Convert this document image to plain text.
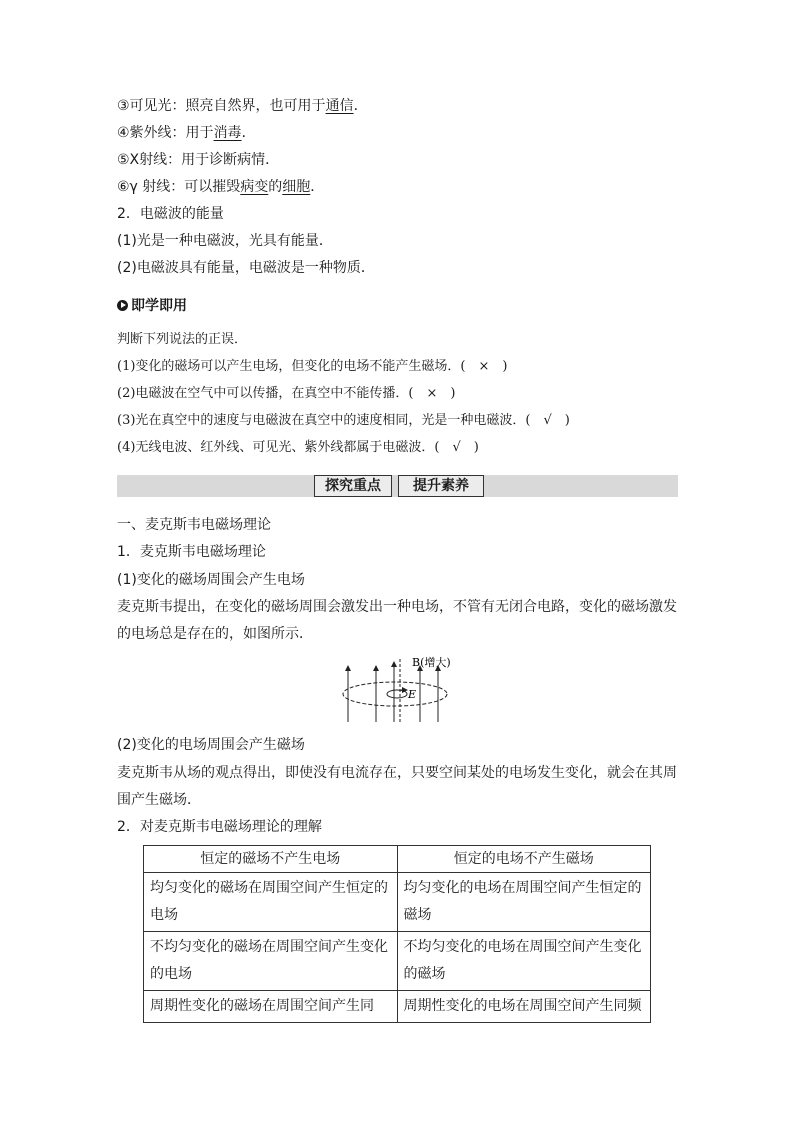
③可见光：照亮自然界，也可用于通信．
④紫外线：用于消毒．
⑤X射线：用于诊断病情．
⑥γ 射线：可以摧毁病变的细胞．
2．电磁波的能量
(1)光是一种电磁波，光具有能量．
(2)电磁波具有能量，电磁波是一种物质．
即学即用
判断下列说法的正误．
(1)变化的磁场可以产生电场，但变化的电场不能产生磁场．(　×　)
(2)电磁波在空气中可以传播，在真空中不能传播．(　×　)
(3)光在真空中的速度与电磁波在真空中的速度相同，光是一种电磁波．(　√　)
(4)无线电波、红外线、可见光、紫外线都属于电磁波．(　√　)
探究重点	提升素养
一、麦克斯韦电磁场理论
1．麦克斯韦电磁场理论
(1)变化的磁场周围会产生电场
麦克斯韦提出，在变化的磁场周围会激发出一种电场，不管有无闭合电路，变化的磁场激发
的电场总是存在的，如图所示．
E
B(增大)
(2)变化的电场周围会产生磁场
麦克斯韦从场的观点得出，即使没有电流存在，只要空间某处的电场发生变化，就会在其周
围产生磁场．
2．对麦克斯韦电磁场理论的理解
恒定的磁场不产生电场	恒定的电场不产生磁场
均匀变化的磁场在周围空间产生恒定的电场	均匀变化的电场在周围空间产生恒定的磁场
不均匀变化的磁场在周围空间产生变化的电场	不均匀变化的电场在周围空间产生变化的磁场
周期性变化的磁场在周围空间产生同	周期性变化的电场在周围空间产生同频
